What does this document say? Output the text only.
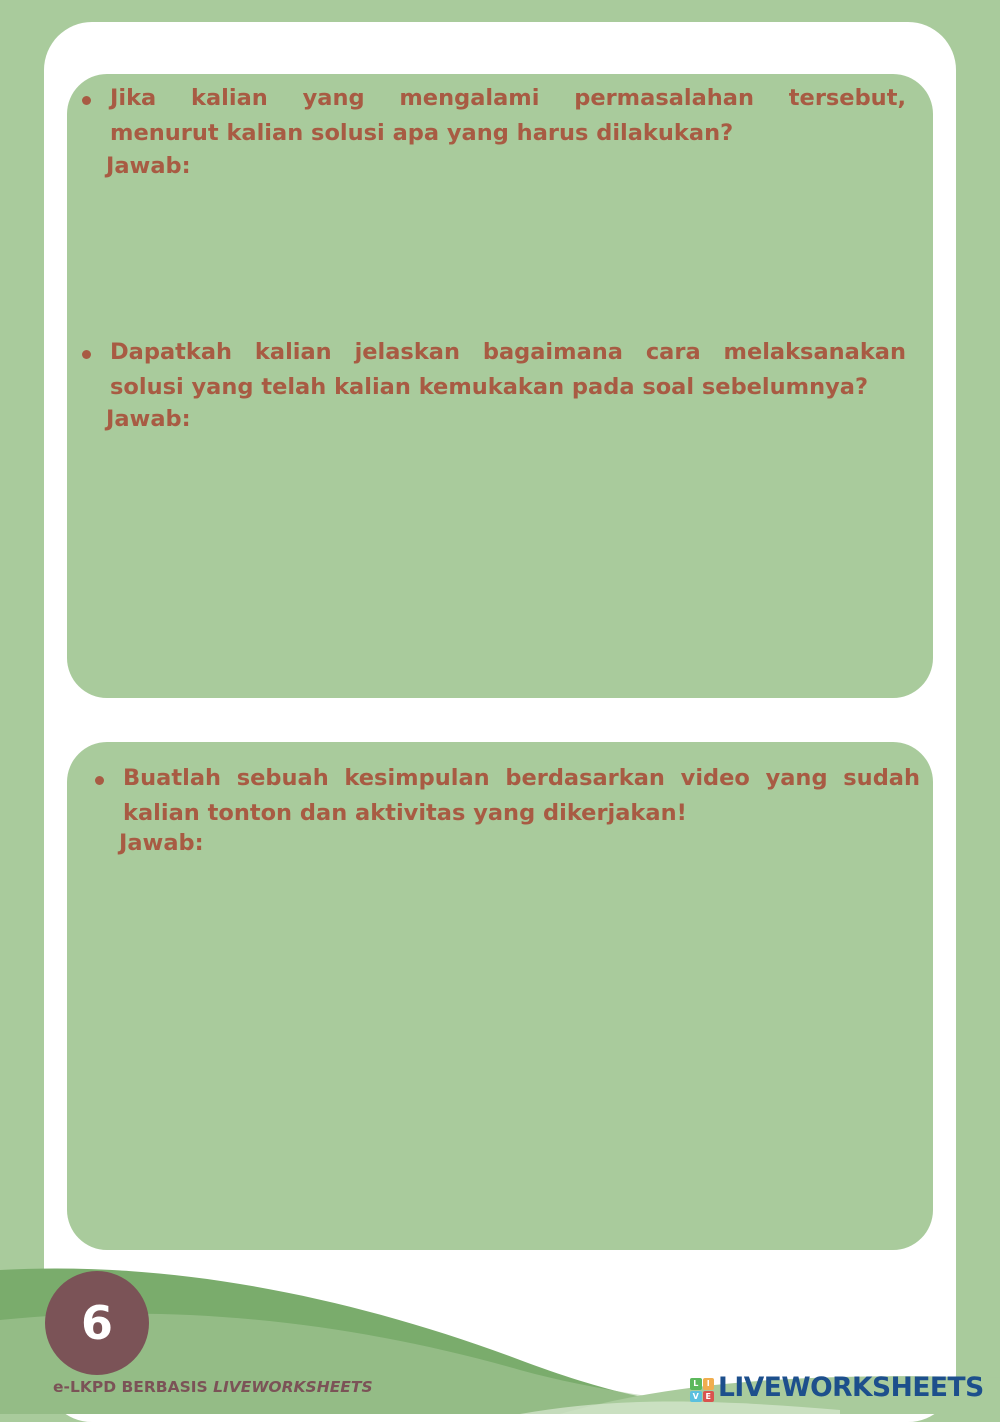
Jika kalian yang mengalami permasalahan tersebut,
menurut kalian solusi apa yang harus dilakukan?
Jawab:
Dapatkah kalian jelaskan bagaimana cara melaksanakan
solusi yang telah kalian kemukakan pada soal sebelumnya?
Jawab:
Buatlah sebuah kesimpulan berdasarkan video yang sudah
kalian tonton dan aktivitas yang dikerjakan!
Jawab:
6
e-LKPD BERBASIS LIVEWORKSHEETS	L	I
V E LIVEWORKSHEETS
